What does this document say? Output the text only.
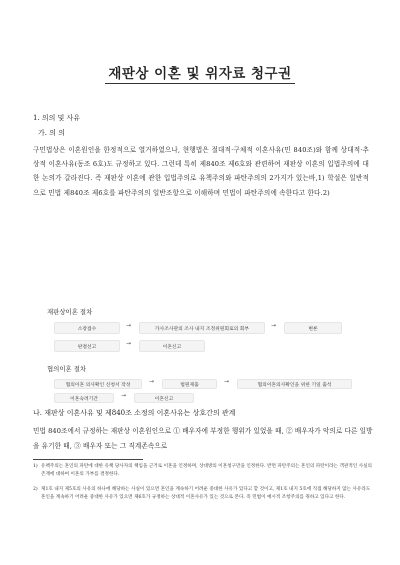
재판상 이혼 및 위자료 청구권
1. 의의 및 사유
가. 의 의
구민법상은 이혼원인을 한정적으로 열거하였으나, 현행법은 절대적·구체적 이혼사유(민 840조)와 함께 상대적·추상적 이혼사유(동조 6호)도 규정하고 있다. 그런데 특히 제840조 제6호와 관련하여 재판상 이혼의 입법주의에 대한 논의가 갈라진다. 즉 재판상 이혼에 관한 입법주의로 유책주의와 파탄주의의 2가지가 있는바,1) 학설은 일반적으로 민법 제840조 제6호를 파탄주의의 일반조항으로 이해하며 민법이 파탄주의에 속한다고 한다.2)
재판상이혼 절차
소장접수	→	가사조사관의 조사 내지 조정위원회로의 회부	→	변론
판결선고	→	이혼신고
협의이혼 절차
협의이혼 의사확인 신청서 작성	→	법원제출	→	협의이혼의사확인을 위한 기일 출석
이혼숙려기간	→	이혼신고
나. 재판상 이혼사유 및 제840조 소정의 이혼사유는 상호간의 관계
민법 840조에서 규정하는 재판상 이혼원인으로 ① 배우자에 부정한 행위가 있었을 때, ② 배우자가 악의로 다른 일방을 유기한 때, ③ 배우자 또는 그 직계존속으로
1) 유책주의는 혼인의 파탄에 대한 유책 당사자의 책임을 근거로 이혼을 인정하며, 상대방의 이혼청구만을 인정한다. 반면 파탄주의는 혼인의 파탄이라는 객관적인 사실의 존재에 대하여 이혼의 가부를 결정한다.
2) 제1호 내지 제5호의 사유의 하나에 해당하는 사실이 있으면 혼인을 계속하기 어려운 중대한 사유가 있다고 할 것이고, 제1호 내지 5호에 직접 해당하지 않는 사유라도 혼인을 계속하기 어려운 중대한 사유가 있으면 제6호가 규정하는 상대적 이혼사유가 있는 것으로 본다. 즉 민법이 예시적 조항주의를 취하고 있다고 한다.
